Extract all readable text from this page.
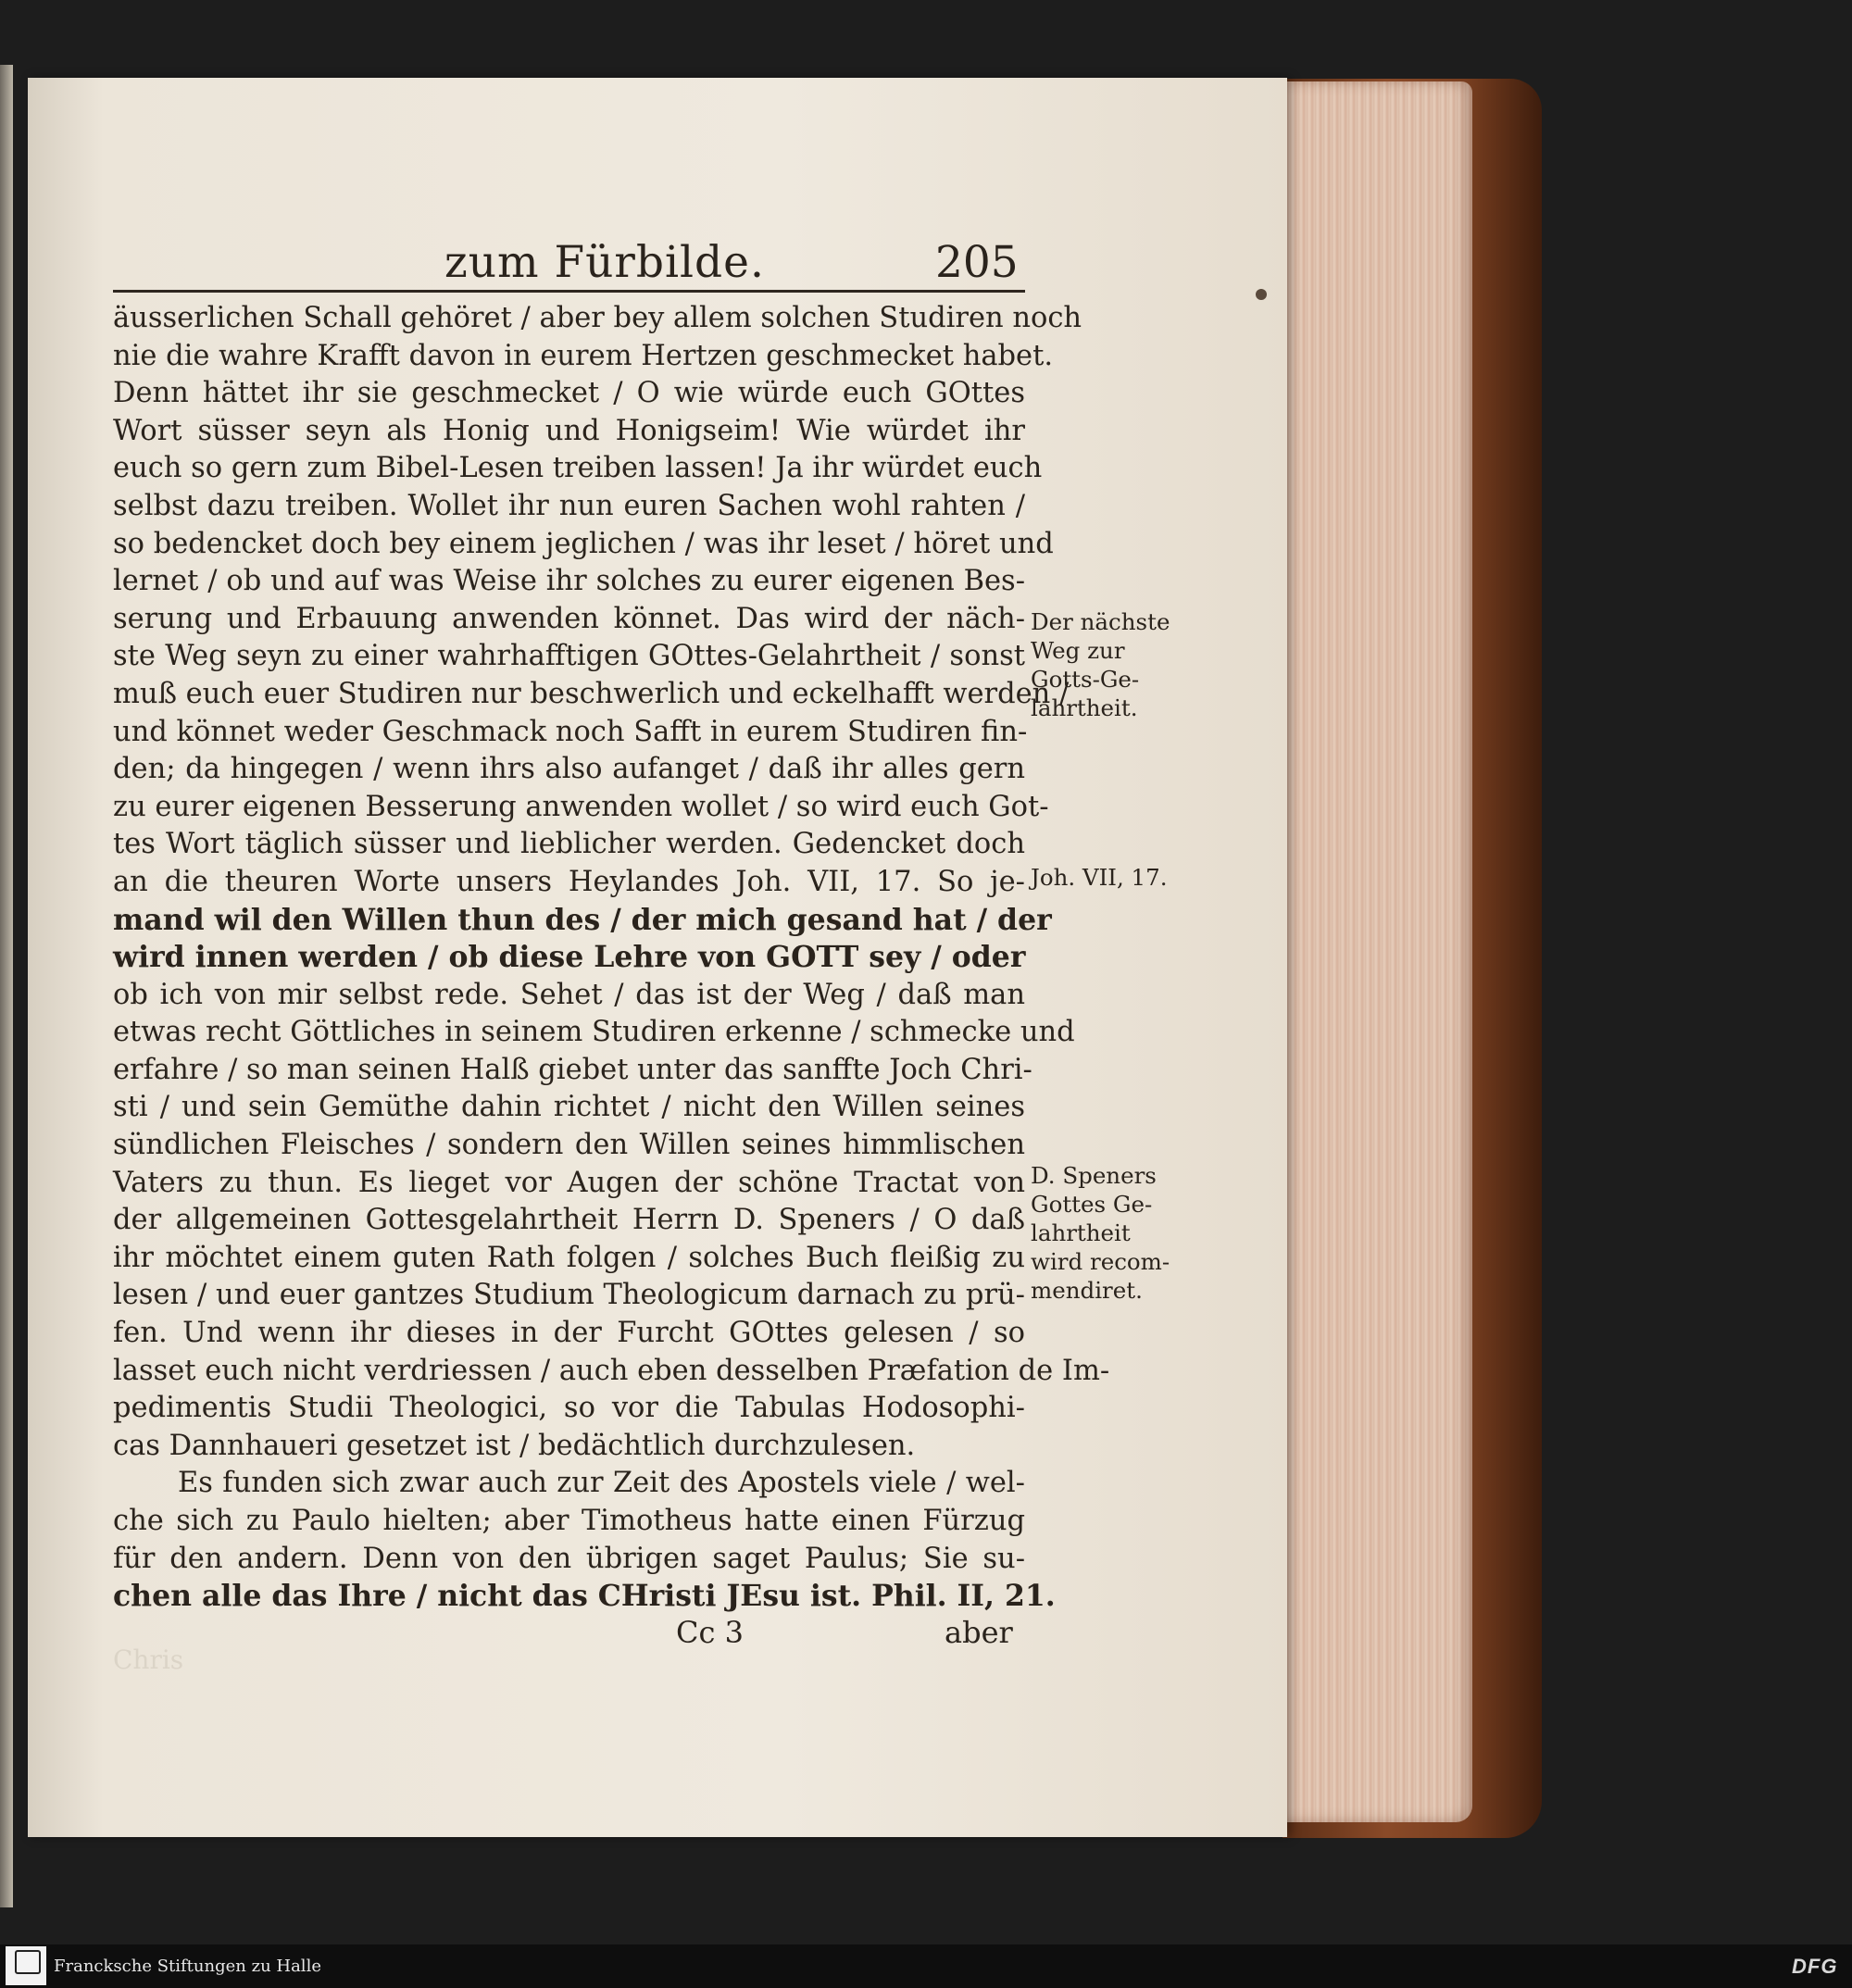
zum Fürbilde.	205
äusserlichen Schall gehöret / aber bey allem solchen Studiren noch
nie die wahre Krafft davon in eurem Hertzen geschmecket habet.
Denn hättet ihr sie geschmecket / O wie würde euch GOttes
Wort süsser seyn als Honig und Honigseim! Wie würdet ihr
euch so gern zum Bibel-Lesen treiben lassen! Ja ihr würdet euch
selbst dazu treiben. Wollet ihr nun euren Sachen wohl rahten /
so bedencket doch bey einem jeglichen / was ihr leset / höret und
lernet / ob und auf was Weise ihr solches zu eurer eigenen Bes-
serung und Erbauung anwenden könnet. Das wird der näch-
ste Weg seyn zu einer wahrhafftigen GOttes-Gelahrtheit / sonst
muß euch euer Studiren nur beschwerlich und eckelhafft werden /
und könnet weder Geschmack noch Safft in eurem Studiren fin-
den; da hingegen / wenn ihrs also aufanget / daß ihr alles gern
zu eurer eigenen Besserung anwenden wollet / so wird euch Got-
tes Wort täglich süsser und lieblicher werden. Gedencket doch
an die theuren Worte unsers Heylandes Joh. VII, 17. So je-
mand wil den Willen thun des / der mich gesand hat / der
wird innen werden / ob diese Lehre von GOTT sey / oder
ob ich von mir selbst rede. Sehet / das ist der Weg / daß man
etwas recht Göttliches in seinem Studiren erkenne / schmecke und
erfahre / so man seinen Halß giebet unter das sanffte Joch Chri-
sti / und sein Gemüthe dahin richtet / nicht den Willen seines
sündlichen Fleisches / sondern den Willen seines himmlischen
Vaters zu thun. Es lieget vor Augen der schöne Tractat von
der allgemeinen Gottesgelahrtheit Herrn D. Speners / O daß
ihr möchtet einem guten Rath folgen / solches Buch fleißig zu
lesen / und euer gantzes Studium Theologicum darnach zu prü-
fen. Und wenn ihr dieses in der Furcht GOttes gelesen / so
lasset euch nicht verdriessen / auch eben desselben Præfation de Im-
pedimentis Studii Theologici, so vor die Tabulas Hodosophi-
cas Dannhaueri gesetzet ist / bedächtlich durchzulesen.
Es funden sich zwar auch zur Zeit des Apostels viele / wel-
che sich zu Paulo hielten; aber Timotheus hatte einen Fürzug
für den andern. Denn von den übrigen saget Paulus; Sie su-
chen alle das Ihre / nicht das CHristi JEsu ist. Phil. II, 21.
Cc 3	aber
Chris
Der nächste
Weg zur
Gotts-Ge-
lahrtheit.
Joh. VII, 17.
D. Speners
Gottes Ge-
lahrtheit
wird recom-
mendiret.
Francksche Stiftungen zu Halle	DFG
